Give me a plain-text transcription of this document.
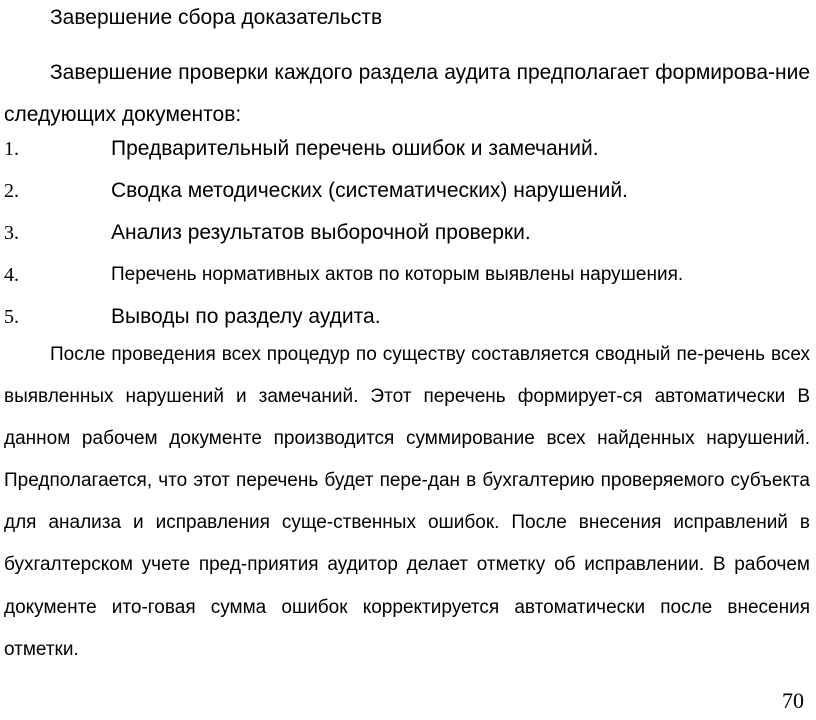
Завершение сбора доказательств

Завершение проверки каждого раздела аудита предполагает формирова-ние следующих документов:

1.	Предварительный перечень ошибок и замечаний.
2.	Сводка методических (систематических) нарушений.
3.	Анализ результатов выборочной проверки.
4.	Перечень нормативных актов по которым выявлены нарушения.
5.	Выводы по разделу аудита.

После проведения всех процедур по существу составляется сводный пе-речень всех выявленных нарушений и замечаний. Этот перечень формирует-ся автоматически В данном рабочем документе производится суммирование всех найденных нарушений. Предполагается, что этот перечень будет пере-дан в бухгалтерию проверяемого субъекта для анализа и исправления суще-ственных ошибок. После внесения исправлений в бухгалтерском учете пред-приятия аудитор делает отметку об исправлении. В рабочем документе ито-говая сумма ошибок корректируется автоматически после внесения отметки.

70
